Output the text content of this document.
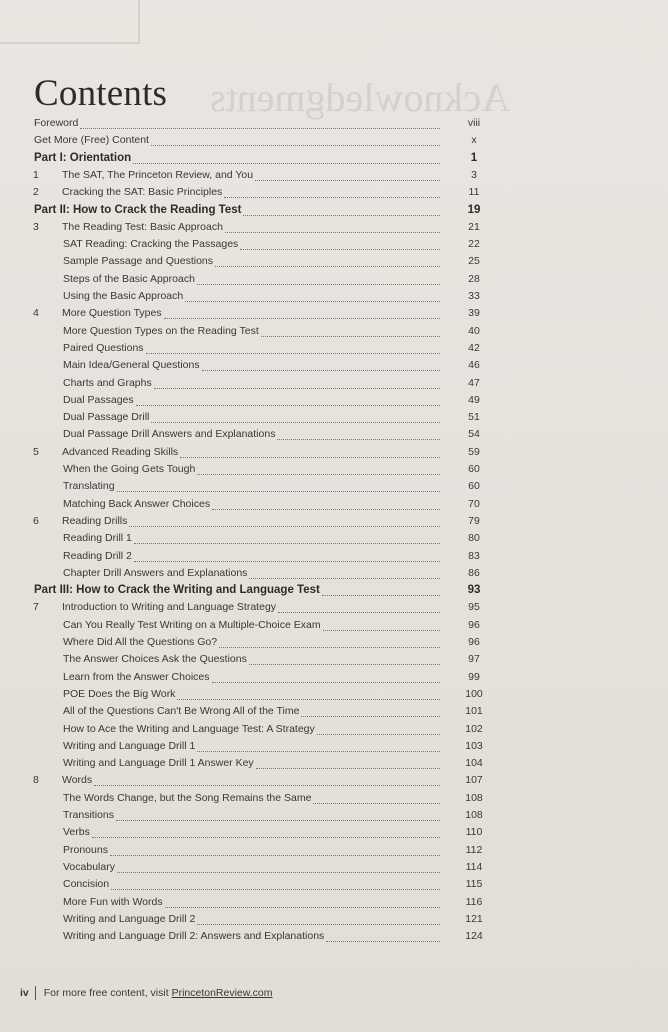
Acknowledgments
Contents
Foreword	viii
Get More (Free) Content	x
Part I: Orientation	1
1	The SAT, The Princeton Review, and You	3
2	Cracking the SAT: Basic Principles	11
Part II: How to Crack the Reading Test	19
3	The Reading Test: Basic Approach	21
SAT Reading: Cracking the Passages	22
Sample Passage and Questions	25
Steps of the Basic Approach	28
Using the Basic Approach	33
4	More Question Types	39
More Question Types on the Reading Test	40
Paired Questions	42
Main Idea/General Questions	46
Charts and Graphs	47
Dual Passages	49
Dual Passage Drill	51
Dual Passage Drill Answers and Explanations	54
5	Advanced Reading Skills	59
When the Going Gets Tough	60
Translating	60
Matching Back Answer Choices	70
6	Reading Drills	79
Reading Drill 1	80
Reading Drill 2	83
Chapter Drill Answers and Explanations	86
Part III: How to Crack the Writing and Language Test	93
7	Introduction to Writing and Language Strategy	95
Can You Really Test Writing on a Multiple-Choice Exam	96
Where Did All the Questions Go?	96
The Answer Choices Ask the Questions	97
Learn from the Answer Choices	99
POE Does the Big Work	100
All of the Questions Can't Be Wrong All of the Time	101
How to Ace the Writing and Language Test: A Strategy	102
Writing and Language Drill 1	103
Writing and Language Drill 1 Answer Key	104
8	Words	107
The Words Change, but the Song Remains the Same	108
Transitions	108
Verbs	110
Pronouns	112
Vocabulary	114
Concision	115
More Fun with Words	116
Writing and Language Drill 2	121
Writing and Language Drill 2: Answers and Explanations	124
iv For more free content, visit PrincetonReview.com
